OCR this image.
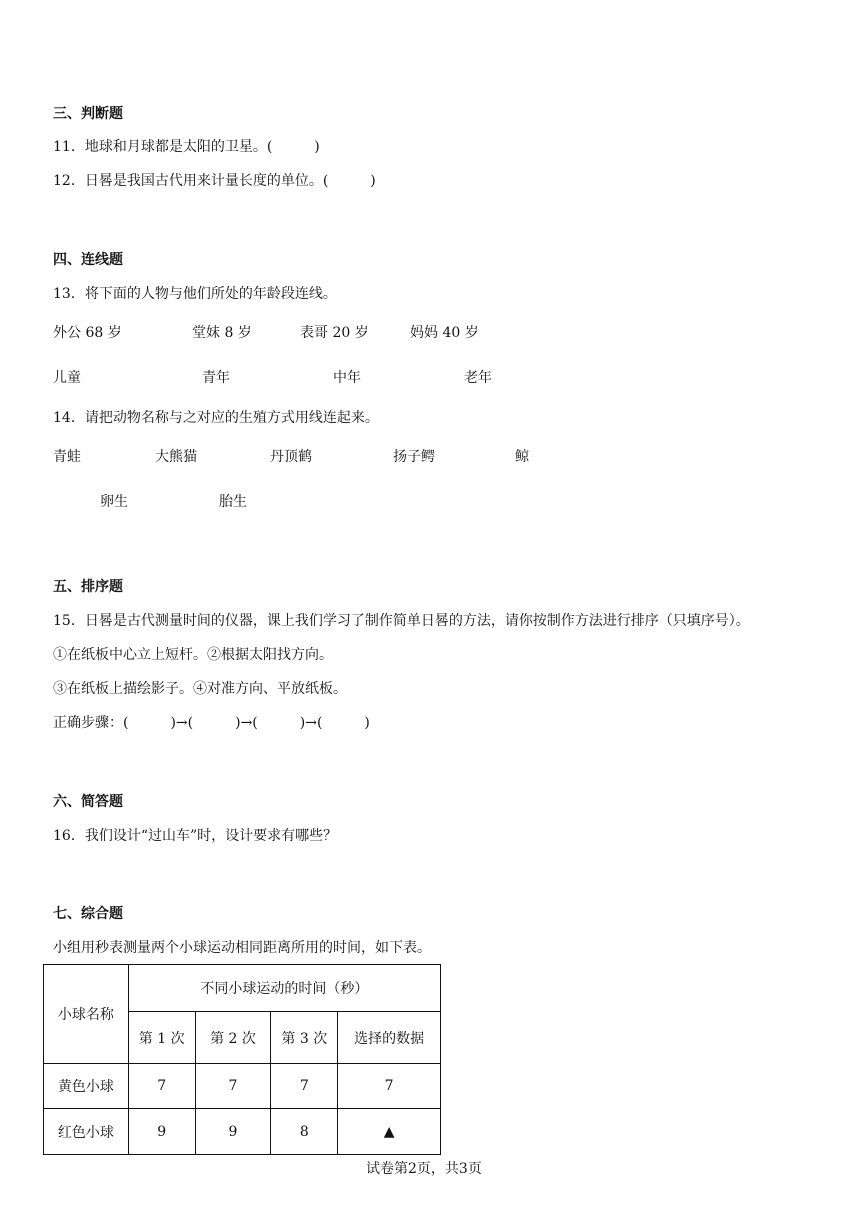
三、判断题
11．地球和月球都是太阳的卫星。(　　　)
12．日晷是我国古代用来计量长度的单位。(　　　)
四、连线题
13．将下面的人物与他们所处的年龄段连线。
外公 68 岁	堂妹 8 岁	表哥 20 岁	妈妈 40 岁
儿童	青年	中年	老年
14．请把动物名称与之对应的生殖方式用线连起来。
青蛙	大熊猫	丹顶鹤	扬子鳄	鲸
卵生	胎生
五、排序题
15．日晷是古代测量时间的仪器，课上我们学习了制作简单日晷的方法，请你按制作方法进行排序（只填序号）。
①在纸板中心立上短杆。②根据太阳找方向。
③在纸板上描绘影子。④对准方向、平放纸板。
正确步骤：(　　　)→(　　　)→(　　　)→(　　　)
六、简答题
16．我们设计“过山车”时，设计要求有哪些？
七、综合题
小组用秒表测量两个小球运动相同距离所用的时间，如下表。
小球名称	不同小球运动的时间（秒）			
	第 1 次	第 2 次	第 3 次	选择的数据
黄色小球	7	7	7	7
红色小球	9	9	8	▲
试卷第2页，共3页
